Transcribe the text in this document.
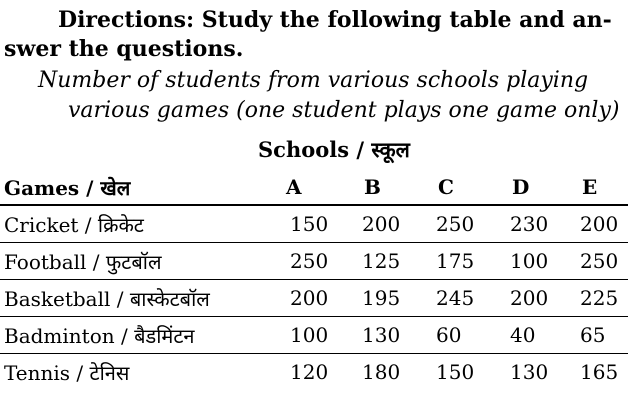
Directions: Study the following table and an-
swer the questions.
Number of students from various schools playing
various games (one student plays one game only)
Schools / स्कूल
Games / खेल	A	B	C	D	E
Cricket / क्रिकेट	150	200	250	230	200
Football / फुटबॉल	250	125	175	100	250
Basketball / बास्केटबॉल	200	195	245	200	225
Badminton / बैडमिंटन	100	130	60	40	65
Tennis / टेनिस	120	180	150	130	165
